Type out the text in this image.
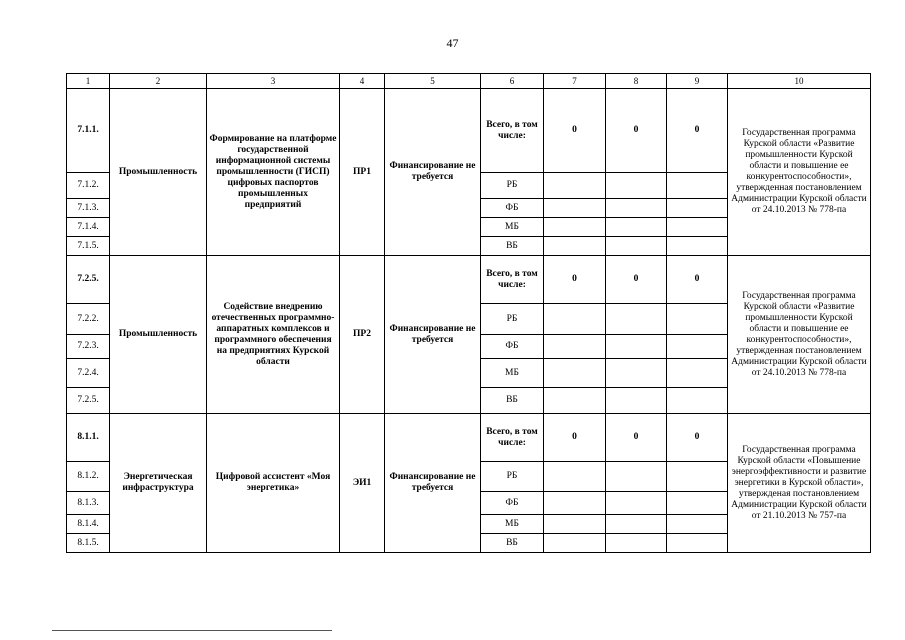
47
1	2	3	4	5	6	7	8	9	10
7.1.1.	Промышленность	Формирование на платформе государственной информационной системы промышленности (ГИСП) цифровых паспортов промышленных предприятий	ПР1	Финансирование не требуется	Всего, в том числе:	0	0	0	Государственная программа Курской области «Развитие промышленности Курской области и повышение ее конкурентоспособности», утвержденная постановлением Администрации Курской области от 24.10.2013 № 778-па
7.1.2.					РБ				
7.1.3.					ФБ				
7.1.4.					МБ				
7.1.5.					ВБ				
7.2.5.	Промышленность	Содействие внедрению отечественных программно-аппаратных комплексов и программного обеспечения на предприятиях Курской области	ПР2	Финансирование не требуется	Всего, в том числе:	0	0	0	Государственная программа Курской области «Развитие промышленности Курской области и повышение ее конкурентоспособности», утвержденная постановлением Администрации Курской области от 24.10.2013 № 778-па
7.2.2.					РБ				
7.2.3.					ФБ				
7.2.4.					МБ				
7.2.5.					ВБ				
8.1.1.	Энергетическая инфраструктура	Цифровой ассистент «Моя энергетика»	ЭИ1	Финансирование не требуется	Всего, в том числе:	0	0	0	Государственная программа Курской области «Повышение энергоэффективности и развитие энергетики в Курской области», утвержденая постановлением Администрации Курской области от 21.10.2013 № 757-па
8.1.2.					РБ				
8.1.3.					ФБ				
8.1.4.					МБ				
8.1.5.					ВБ				
